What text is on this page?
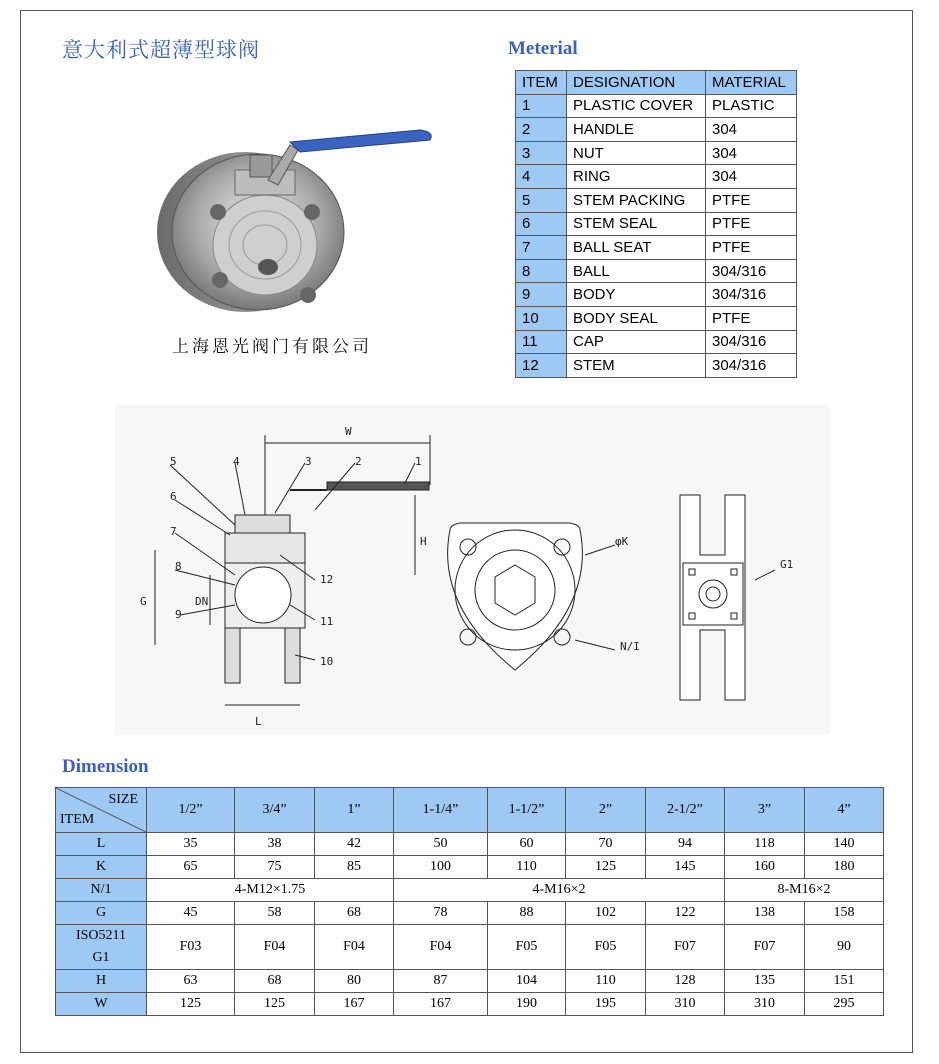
意大利式超薄型球阀
上海恩光阀门有限公司
Meterial
ITEM	DESIGNATION	MATERIAL
1	PLASTIC COVER	PLASTIC
2	HANDLE	304
3	NUT	304
4	RING	304
5	STEM PACKING	PTFE
6	STEM SEAL	PTFE
7	BALL SEAT	PTFE
8	BALL	304/316
9	BODY	304/316
10	BODY SEAL	PTFE
11	CAP	304/316
12	STEM	304/316
W
H
G	DN
L
1
2
3
4
5
6
7
8
9
10
11
12
φK
N/I
G1
Dimension
SIZE
ITEM	1/2”	3/4”	1”	1-1/4”	1-1/2”	2”	2-1/2”	3”	4”
L	35	38	42	50	60	70	94	118	140
K	65	75	85	100	110	125	145	160	180
N/1	4-M12×1.75			4-M16×2				8-M16×2	
G	45	58	68	78	88	102	122	138	158

ISO5211
G1	F03	F04	F04	F04	F05	F05	F07	F07	90
H	63	68	80	87	104	110	128	135	151
W	125	125	167	167	190	195	310	310	295
